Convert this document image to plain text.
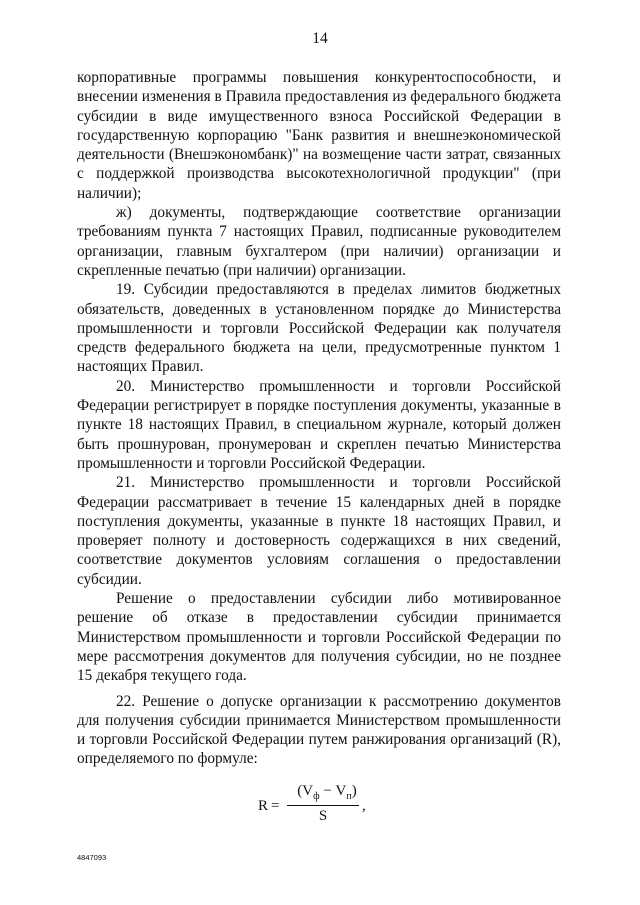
14

корпоративные программы повышения конкурентоспособности, и внесении изменения в Правила предоставления из федерального бюджета субсидии в виде имущественного взноса Российской Федерации в государственную корпорацию "Банк развития и внешнеэкономической деятельности (Внешэкономбанк)" на возмещение части затрат, связанных с поддержкой производства высокотехнологичной продукции" (при наличии);

ж) документы, подтверждающие соответствие организации требованиям пункта 7 настоящих Правил, подписанные руководителем организации, главным бухгалтером (при наличии) организации и скрепленные печатью (при наличии) организации.

19. Субсидии предоставляются в пределах лимитов бюджетных обязательств, доведенных в установленном порядке до Министерства промышленности и торговли Российской Федерации как получателя средств федерального бюджета на цели, предусмотренные пунктом 1 настоящих Правил.

20. Министерство промышленности и торговли Российской Федерации регистрирует в порядке поступления документы, указанные в пункте 18 настоящих Правил, в специальном журнале, который должен быть прошнурован, пронумерован и скреплен печатью Министерства промышленности и торговли Российской Федерации.

21. Министерство промышленности и торговли Российской Федерации рассматривает в течение 15 календарных дней в порядке поступления документы, указанные в пункте 18 настоящих Правил, и проверяет полноту и достоверность содержащихся в них сведений, соответствие документов условиям соглашения о предоставлении субсидии.

Решение о предоставлении субсидии либо мотивированное решение об отказе в предоставлении субсидии принимается Министерством промышленности и торговли Российской Федерации по мере рассмотрения документов для получения субсидии, но не позднее 15 декабря текущего года.

22. Решение о допуске организации к рассмотрению документов для получения субсидии принимается Министерством промышленности и торговли Российской Федерации путем ранжирования организаций (R), определяемого по формуле:

R =
$(V_ф - V_п)$
S
,
4847093
